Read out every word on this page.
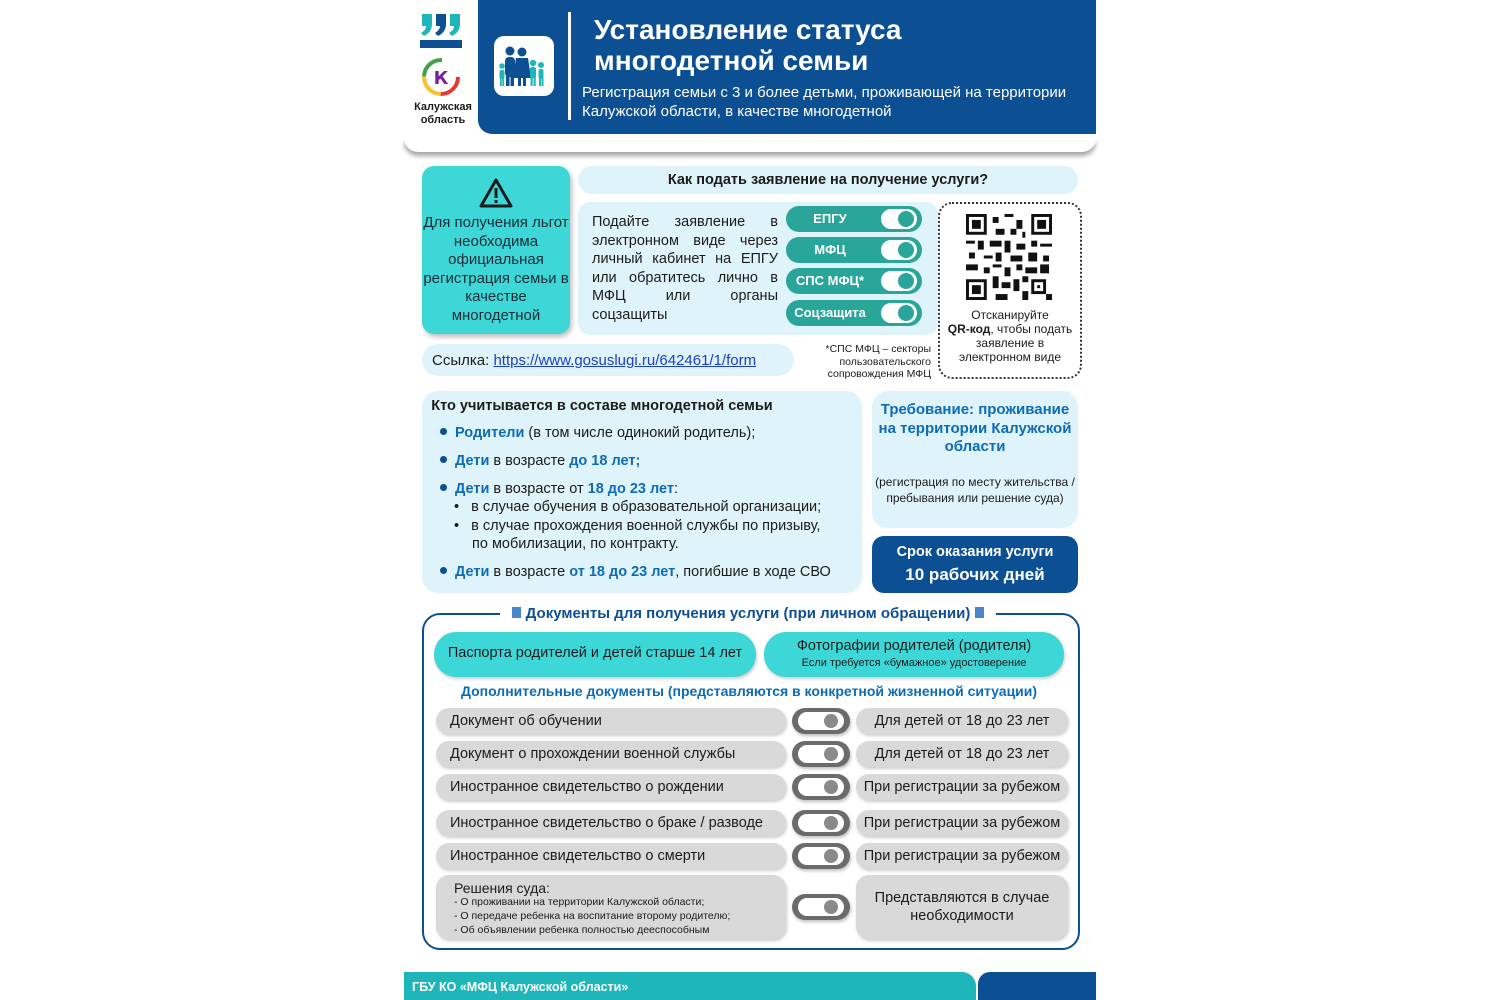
К
Калужская область
Установление статуса многодетной семьи
Регистрация семьи с 3 и более детьми, проживающей на территории Калужской области, в качестве многодетной
Для получения льгот необходима официальная регистрация семьи в качестве многодетной
Как подать заявление на получение услуги?
Подайте заявление в электронном виде через личный кабинет на ЕПГУ или обратитесь лично в МФЦ или органы соцзащиты
ЕПГУ
МФЦ
СПС МФЦ*
Соцзащита	Отсканируйте
QR-код, чтобы подать заявление в электронном виде
*СПС МФЦ – секторы пользовательского сопровождения МФЦ
Ссылка: https://www.gosuslugi.ru/642461/1/form
Кто учитывается в составе многодетной семьи
Родители (в том числе одинокий родитель);
Дети в возрасте до 18 лет;
Дети в возрасте от 18 до 23 лет:
•   в случае обучения в образовательной организации;
•   в случае прохождения военной службы по призыву,
по мобилизации, по контракту.
Дети в возрасте от 18 до 23 лет, погибшие в ходе СВО
Требование: проживание на территории Калужской области
(регистрация по месту жительства / пребывания или решение суда)
Срок оказания услуги
10 рабочих дней
Документы для получения услуги (при личном обращении)
Паспорта родителей и детей старше 14 лет	Фотографии родителей (родителя)
Если требуется «бумажное» удостоверение
Дополнительные документы (представляются в конкретной жизненной ситуации)
Документ об обучении	Для детей от 18 до 23 лет
Документ о прохождении военной службы	Для детей от 18 до 23 лет
Иностранное свидетельство о рождении	При регистрации за рубежом
Иностранное свидетельство о браке / разводе	При регистрации за рубежом
Иностранное свидетельство о смерти	При регистрации за рубежом
Решения суда:
- О проживании на территории Калужской области;
- О передаче ребенка на воспитание второму родителю;
- Об объявлении ребенка полностью дееспособным
Представляются в случае необходимости
ГБУ КО «МФЦ Калужской области»
